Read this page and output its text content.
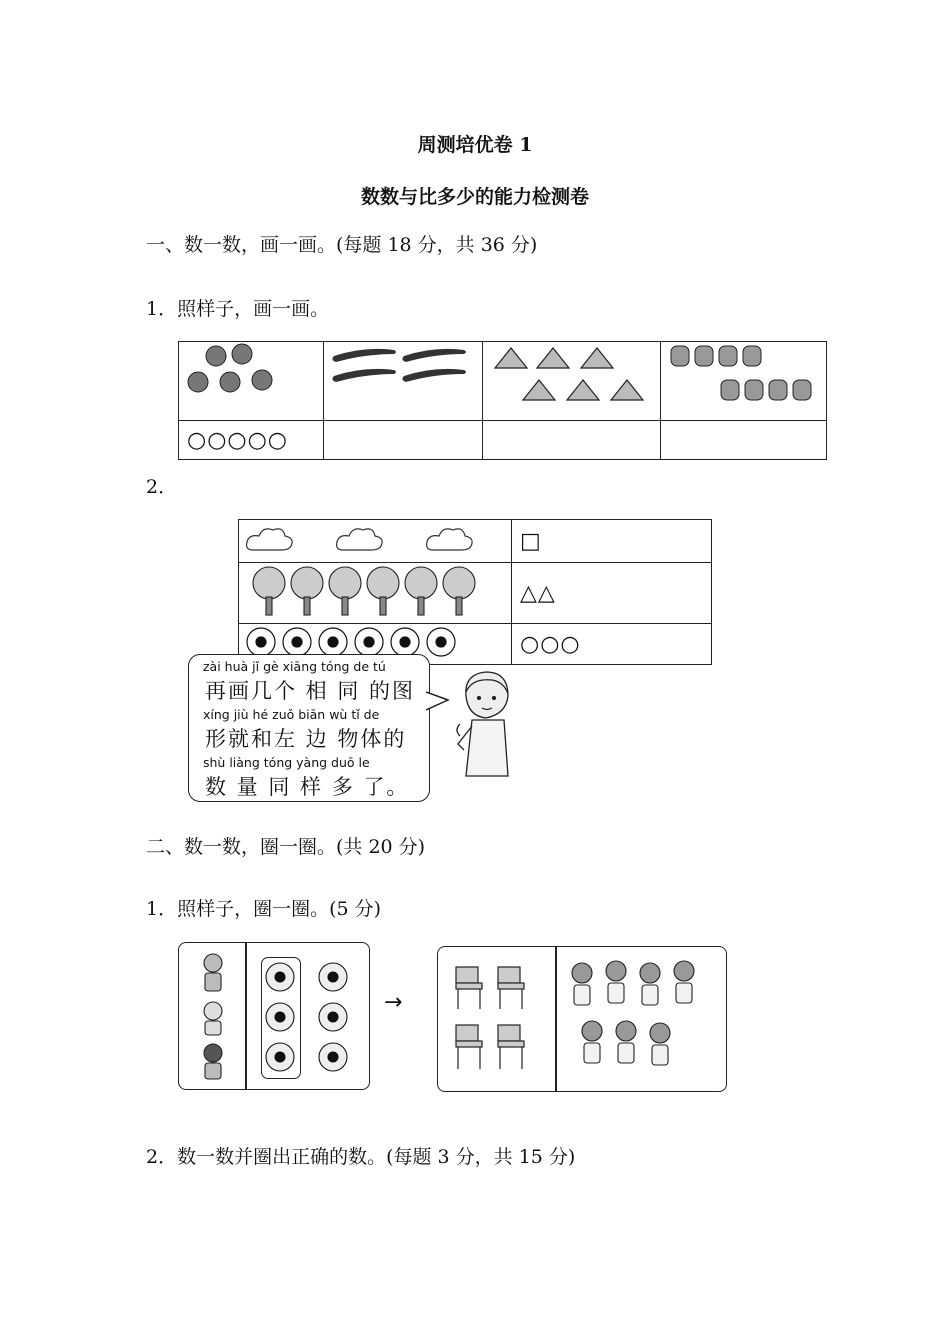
周测培优卷 1
数数与比多少的能力检测卷
一、数一数，画一画。(每题 18 分，共 36 分)
1．照样子，画一画。

○○○○○			
2．
	□
	△△
	○○○
zài huà jǐ gè xiāng tóng de tú
再画几个 相 同 的图
xíng jiù hé zuǒ biān wù tǐ de
形就和左 边 物体的
shù liàng tóng yàng duō le
数 量 同 样 多 了。
二、数一数，圈一圈。(共 20 分)
1．照样子，圈一圈。(5 分)
→
2．数一数并圈出正确的数。(每题 3 分，共 15 分)
